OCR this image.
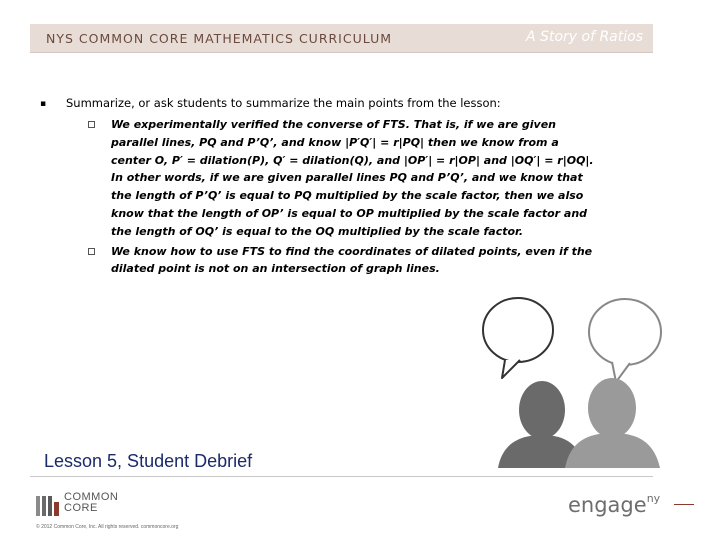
NYS COMMON CORE MATHEMATICS CURRICULUM	A Story of Ratios
▪	Summarize, or ask students to summarize the main points from the lesson:
We experimentally verified the converse of FTS. That is, if we are given parallel lines, PQ and P’Q’, and know |P′Q′| = r|PQ| then we know from a center O, P′ = dilation(P), Q′ = dilation(Q), and |OP′| = r|OP| and |OQ′| = r|OQ|. In other words, if we are given parallel lines PQ and P’Q’, and we know that the length of P’Q’ is equal to PQ multiplied by the scale factor, then we also know that the length of OP’ is equal to OP multiplied by the scale factor and the length of OQ’ is equal to the OQ multiplied by the scale factor.
We know how to use FTS to find the coordinates of dilated points, even if the dilated point is not on an intersection of graph lines.
Lesson 5, Student Debrief
COMMON
CORE
© 2012 Common Core, Inc. All rights reserved. commoncore.org
engage$^{ny}$
